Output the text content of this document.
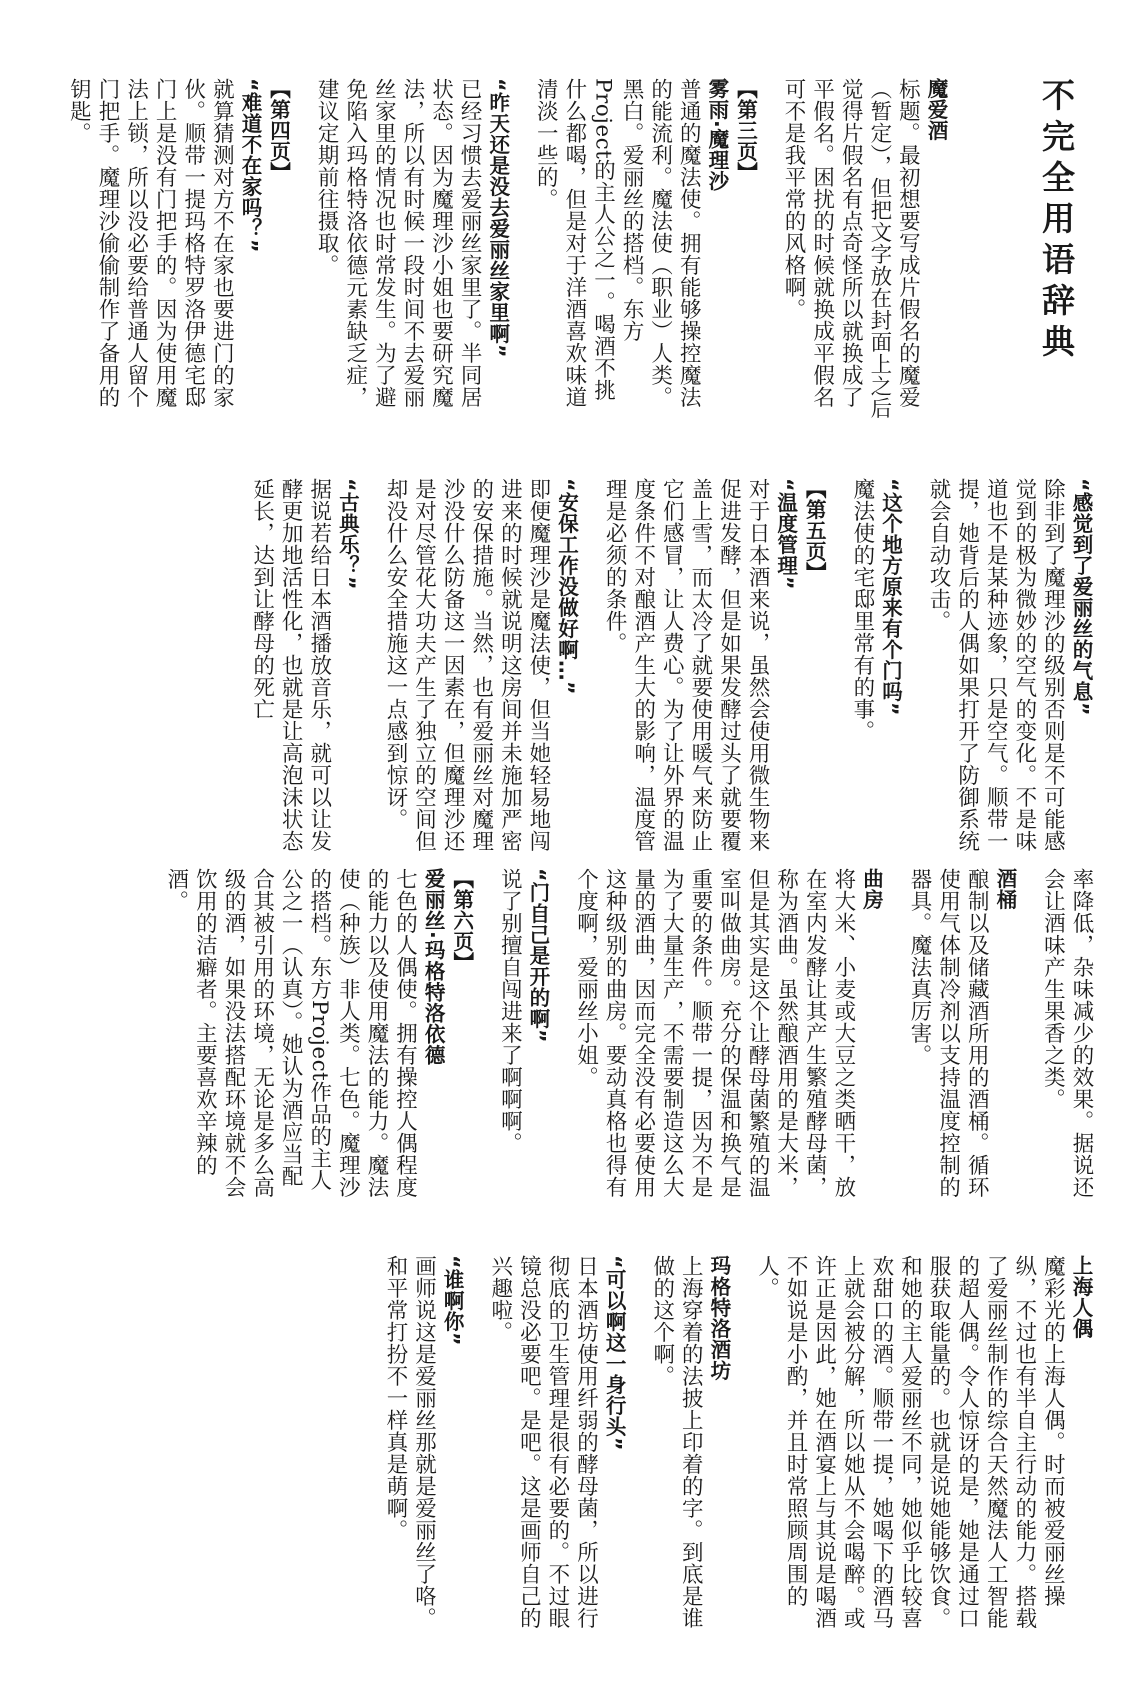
不完全用语辞典
魔爱酒
标题。最初想要写成片假名的魔爱（暂定），但把文字放在封面上之后觉得片假名有点奇怪所以就换成了平假名。困扰的时候就换成平假名可不是我平常的风格啊。
【第三页】
雾雨·魔理沙
普通的魔法使。拥有能够操控魔法的能流利。魔法使（职业）人类。黑白。爱丽丝的搭档。东方Project的主人公之一。喝酒不挑什么都喝，但是对于洋酒喜欢味道清淡一些的。
“昨天还是没去爱丽丝家里啊”
已经习惯去爱丽丝家里了。半同居状态。因为魔理沙小姐也要研究魔法，所以有时候一段时间不去爱丽丝家里的情况也时常发生。为了避免陷入玛格特洛依德元素缺乏症，建议定期前往摄取。
【第四页】
“难道不在家吗？”
就算猜测对方不在家也要进门的家伙。顺带一提玛格特罗洛伊德宅邸门上是没有门把手的。因为使用魔法上锁，所以没必要给普通人留个门把手。魔理沙偷偷制作了备用的钥匙。
“感觉到了爱丽丝的气息”
除非到了魔理沙的级别否则是不可能感觉到的极为微妙的空气的变化。不是味道也不是某种迹象，只是空气。顺带一提，她背后的人偶如果打开了防御系统就会自动攻击。
“这个地方原来有个门吗”
魔法使的宅邸里常有的事。
【第五页】
“温度管理”
对于日本酒来说，虽然会使用微生物来促进发酵，但是如果发酵过头了就要覆盖上雪，而太冷了就要使用暖气来防止它们感冒，让人费心。为了让外界的温度条件不对酿酒产生大的影响，温度管理是必须的条件。
“安保工作没做好啊…”
即便魔理沙是魔法使，但当她轻易地闯进来的时候就说明这房间并未施加严密的安保措施。当然，也有爱丽丝对魔理沙没什么防备这一因素在，但魔理沙还是对尽管花大功夫产生了独立的空间但却没什么安全措施这一点感到惊讶。
“古典乐？”
据说若给日本酒播放音乐，就可以让发酵更加地活性化，也就是让高泡沫状态延长，达到让酵母的死亡
率降低，杂味减少的效果。据说还会让酒味产生果香之类。
酒桶
酿制以及储藏酒所用的酒桶。循环使用气体制冷剂以支持温度控制的器具。魔法真厉害。
曲房
将大米、小麦或大豆之类晒干，放在室内发酵让其产生繁殖酵母菌，称为酒曲。虽然酿酒用的是大米，但是其实是这个让酵母菌繁殖的温室叫做曲房。充分的保温和换气是重要的条件。顺带一提，因为不是为了大量生产，不需要制造这么大量的酒曲，因而完全没有必要使用这种级别的曲房。要动真格也得有个度啊，爱丽丝小姐。
“门自己是开的啊”
说了别擅自闯进来了啊啊啊。
【第六页】
爱丽丝·玛格特洛依德
七色的人偶使。拥有操控人偶程度的能力以及使用魔法的能力。魔法使（种族）非人类。七色。魔理沙的搭档。东方Project作品的主人公之一（认真）。她认为酒应当配合其被引用的环境，无论是多么高级的酒，如果没法搭配环境就不会饮用的洁癖者。主要喜欢辛辣的酒。
上海人偶
魔彩光的上海人偶。时而被爱丽丝操纵，不过也有半自主行动的能力。搭载了爱丽丝制作的综合天然魔法人工智能的超人偶。令人惊讶的是，她是通过口服获取能量的。也就是说她能够饮食。和她的主人爱丽丝不同，她似乎比较喜欢甜口的酒。顺带一提，她喝下的酒马上就会被分解，所以她从不会喝醉。或许正是因此，她在酒宴上与其说是喝酒不如说是小酌，并且时常照顾周围的人。
玛格特洛酒坊
上海穿着的法披上印着的字。到底是谁做的这个啊。
“可以啊这一身行头”
日本酒坊使用纤弱的酵母菌，所以进行彻底的卫生管理是很有必要的。不过眼镜总没必要吧。是吧。这是画师自己的兴趣啦。
“谁啊你”
画师说这是爱丽丝那就是爱丽丝了咯。和平常打扮不一样真是萌啊。
